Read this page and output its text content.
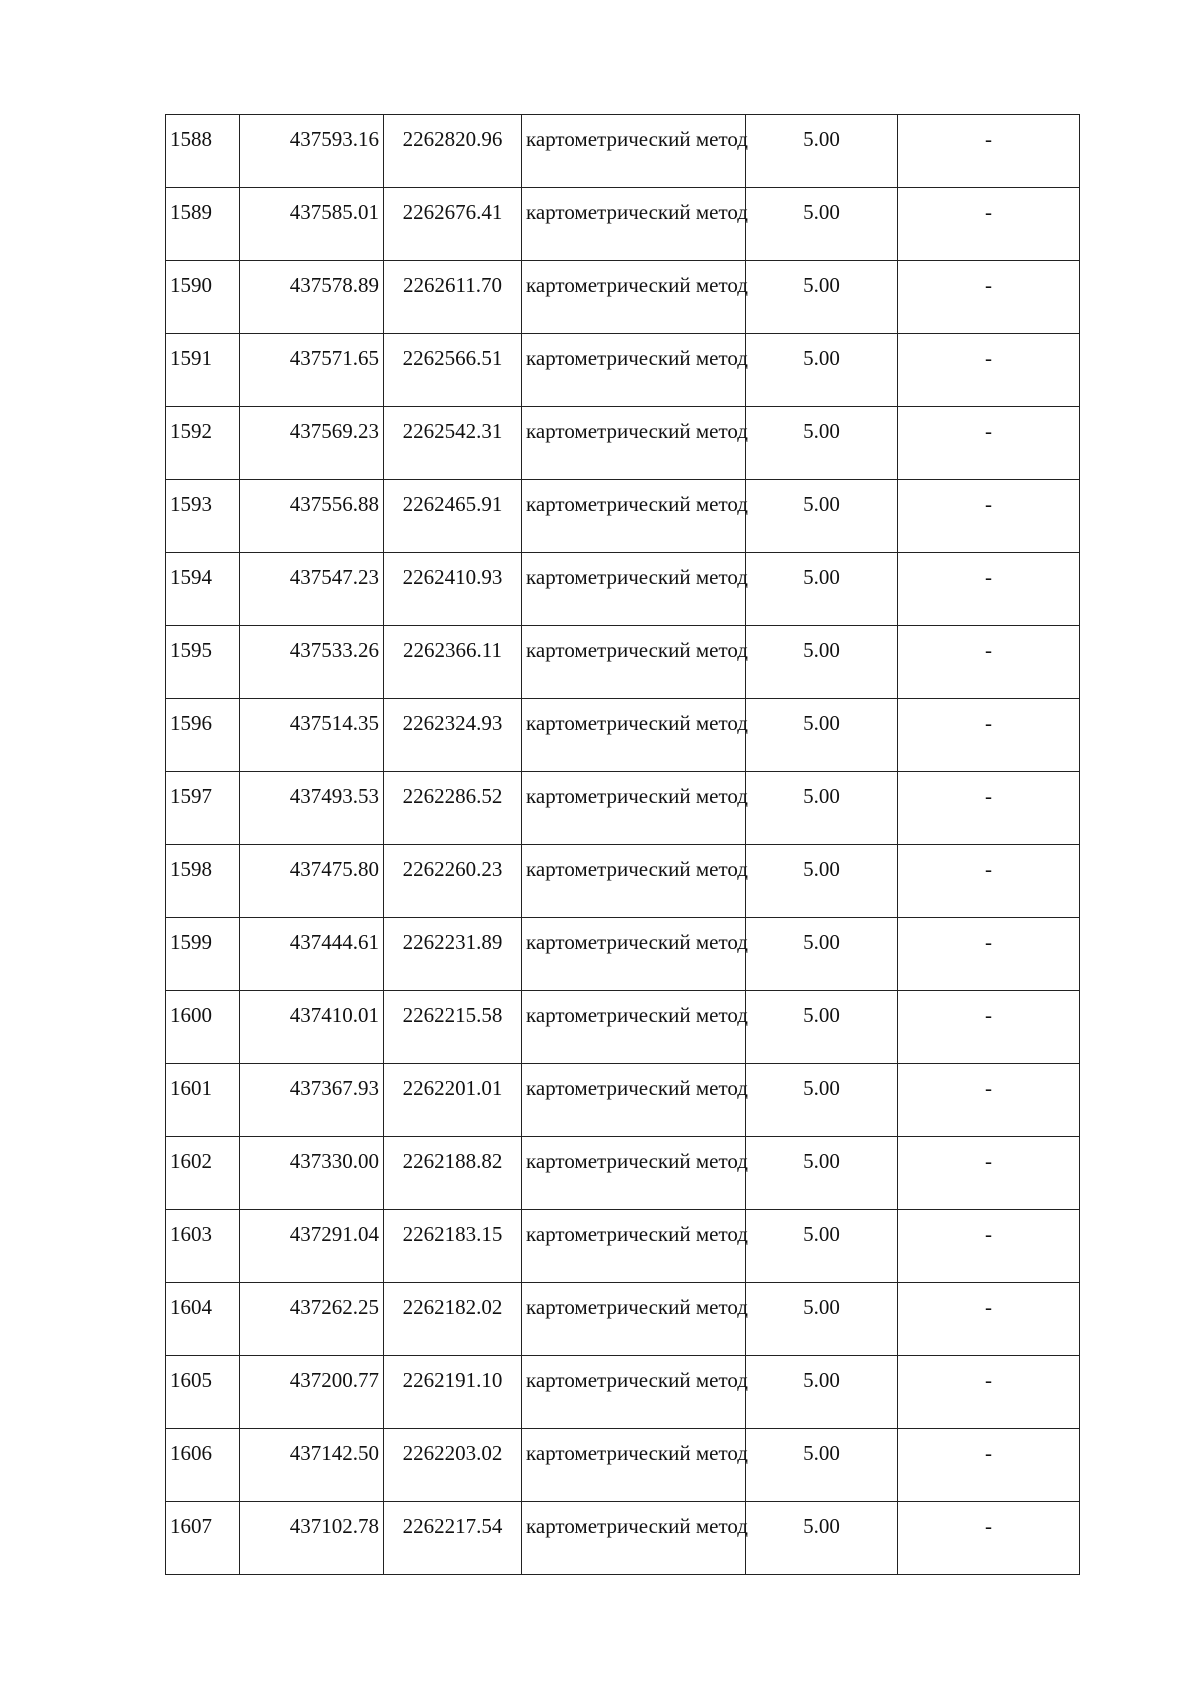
1588	437593.16	2262820.96	картометрический метод	5.00	-
1589	437585.01	2262676.41	картометрический метод	5.00	-
1590	437578.89	2262611.70	картометрический метод	5.00	-
1591	437571.65	2262566.51	картометрический метод	5.00	-
1592	437569.23	2262542.31	картометрический метод	5.00	-
1593	437556.88	2262465.91	картометрический метод	5.00	-
1594	437547.23	2262410.93	картометрический метод	5.00	-
1595	437533.26	2262366.11	картометрический метод	5.00	-
1596	437514.35	2262324.93	картометрический метод	5.00	-
1597	437493.53	2262286.52	картометрический метод	5.00	-
1598	437475.80	2262260.23	картометрический метод	5.00	-
1599	437444.61	2262231.89	картометрический метод	5.00	-
1600	437410.01	2262215.58	картометрический метод	5.00	-
1601	437367.93	2262201.01	картометрический метод	5.00	-
1602	437330.00	2262188.82	картометрический метод	5.00	-
1603	437291.04	2262183.15	картометрический метод	5.00	-
1604	437262.25	2262182.02	картометрический метод	5.00	-
1605	437200.77	2262191.10	картометрический метод	5.00	-
1606	437142.50	2262203.02	картометрический метод	5.00	-
1607	437102.78	2262217.54	картометрический метод	5.00	-
